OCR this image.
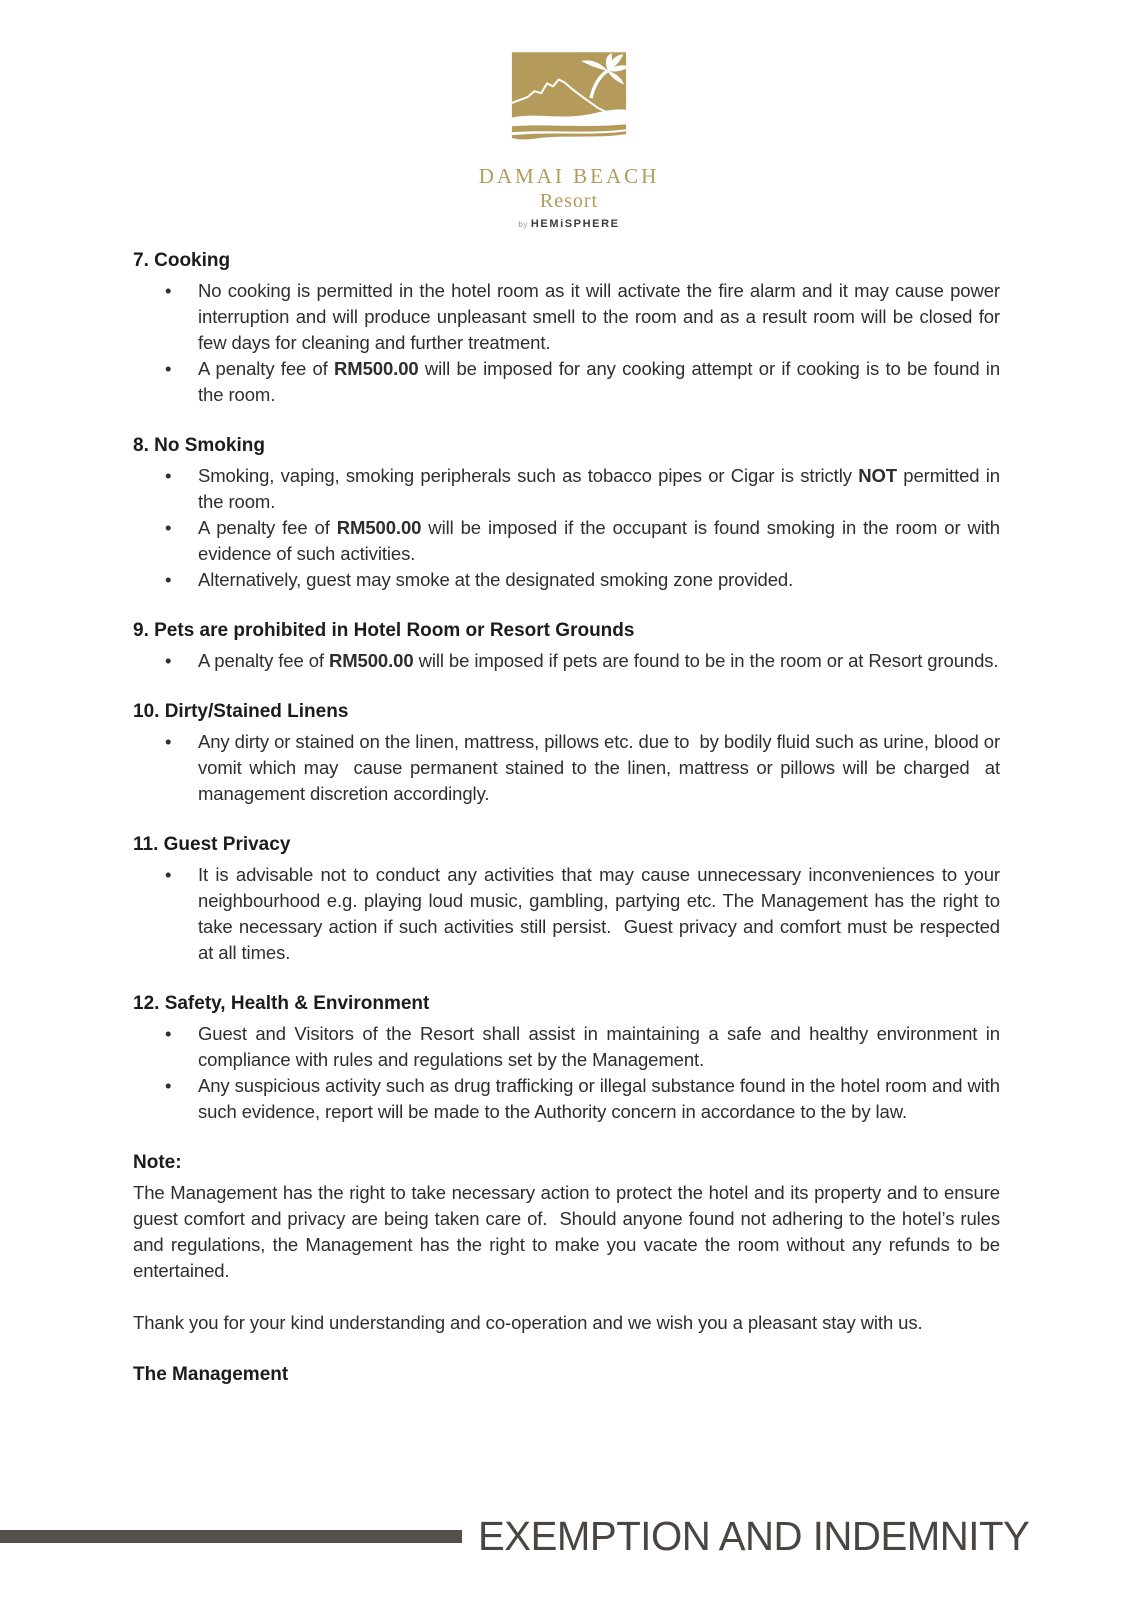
DAMAI BEACH
Resort
by HEMiSPHERE
7. Cooking
• No cooking is permitted in the hotel room as it will activate the fire alarm and it may cause power interruption and will produce unpleasant smell to the room and as a result room will be closed for few days for cleaning and further treatment.
• A penalty fee of RM500.00 will be imposed for any cooking attempt or if cooking is to be found in the room.
8. No Smoking
• Smoking, vaping, smoking peripherals such as tobacco pipes or Cigar is strictly NOT permitted in the room.
• A penalty fee of RM500.00 will be imposed if the occupant is found smoking in the room or with evidence of such activities.
• Alternatively, guest may smoke at the designated smoking zone provided.
9. Pets are prohibited in Hotel Room or Resort Grounds
• A penalty fee of RM500.00 will be imposed if pets are found to be in the room or at Resort grounds.
10. Dirty/Stained Linens
• Any dirty or stained on the linen, mattress, pillows etc. due to  by bodily fluid such as urine, blood or vomit which may  cause permanent stained to the linen, mattress or pillows will be charged  at management discretion accordingly.
11. Guest Privacy
• It is advisable not to conduct any activities that may cause unnecessary inconveniences to your neighbourhood e.g. playing loud music, gambling, partying etc. The Management has the right to take necessary action if such activities still persist.  Guest privacy and comfort must be respected at all times.
12. Safety, Health & Environment
• Guest and Visitors of the Resort shall assist in maintaining a safe and healthy environment in compliance with rules and regulations set by the Management.
• Any suspicious activity such as drug trafficking or illegal substance found in the hotel room and with such evidence, report will be made to the Authority concern in accordance to the by law.
Note:

The Management has the right to take necessary action to protect the hotel and its property and to ensure guest comfort and privacy are being taken care of.  Should anyone found not adhering to the hotel’s rules and regulations, the Management has the right to make you vacate the room without any refunds to be entertained.

Thank you for your kind understanding and co-operation and we wish you a pleasant stay with us.

The Management

EXEMPTION AND INDEMNITY
